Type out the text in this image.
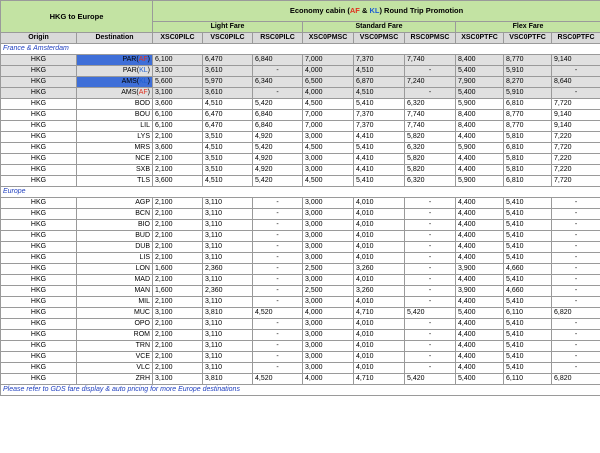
HKG to Europe		Economy cabin (AF & KL) Round Trip Promotion								
		Light Fare			Standard Fare			Flex Fare		
Origin	Destination	XSC0PILC	VSC0PILC	RSC0PILC	XSC0PMSC	VSC0PMSC	RSC0PMSC	XSC0PTFC	VSC0PTFC	RSC0PTFC
France & Amsterdam										
HKG	PAR(AF)	6,100	6,470	6,840	7,000	7,370	7,740	8,400	8,770	9,140
HKG	PAR(KL)	3,100	3,610	-	4,000	4,510	-	5,400	5,910	-
HKG	AMS(KL)	5,600	5,970	6,340	6,500	6,870	7,240	7,900	8,270	8,640
HKG	AMS(AF)	3,100	3,610	-	4,000	4,510	-	5,400	5,910	-
HKG	BOD	3,600	4,510	5,420	4,500	5,410	6,320	5,900	6,810	7,720
HKG	BOU	6,100	6,470	6,840	7,000	7,370	7,740	8,400	8,770	9,140
HKG	LIL	6,100	6,470	6,840	7,000	7,370	7,740	8,400	8,770	9,140
HKG	LYS	2,100	3,510	4,920	3,000	4,410	5,820	4,400	5,810	7,220
HKG	MRS	3,600	4,510	5,420	4,500	5,410	6,320	5,900	6,810	7,720
HKG	NCE	2,100	3,510	4,920	3,000	4,410	5,820	4,400	5,810	7,220
HKG	SXB	2,100	3,510	4,920	3,000	4,410	5,820	4,400	5,810	7,220
HKG	TLS	3,600	4,510	5,420	4,500	5,410	6,320	5,900	6,810	7,720
Europe										
HKG	AGP	2,100	3,110	-	3,000	4,010	-	4,400	5,410	-
HKG	BCN	2,100	3,110	-	3,000	4,010	-	4,400	5,410	-
HKG	BIO	2,100	3,110	-	3,000	4,010	-	4,400	5,410	-
HKG	BUD	2,100	3,110	-	3,000	4,010	-	4,400	5,410	-
HKG	DUB	2,100	3,110	-	3,000	4,010	-	4,400	5,410	-
HKG	LIS	2,100	3,110	-	3,000	4,010	-	4,400	5,410	-
HKG	LON	1,600	2,360	-	2,500	3,260	-	3,900	4,660	-
HKG	MAD	2,100	3,110	-	3,000	4,010	-	4,400	5,410	-
HKG	MAN	1,600	2,360	-	2,500	3,260	-	3,900	4,660	-
HKG	MIL	2,100	3,110	-	3,000	4,010	-	4,400	5,410	-
HKG	MUC	3,100	3,810	4,520	4,000	4,710	5,420	5,400	6,110	6,820
HKG	OPO	2,100	3,110	-	3,000	4,010	-	4,400	5,410	-
HKG	ROM	2,100	3,110	-	3,000	4,010	-	4,400	5,410	-
HKG	TRN	2,100	3,110	-	3,000	4,010	-	4,400	5,410	-
HKG	VCE	2,100	3,110	-	3,000	4,010	-	4,400	5,410	-
HKG	VLC	2,100	3,110	-	3,000	4,010	-	4,400	5,410	-
HKG	ZRH	3,100	3,810	4,520	4,000	4,710	5,420	5,400	6,110	6,820
Please refer to GDS fare display & auto pricing for more Europe destinations										
